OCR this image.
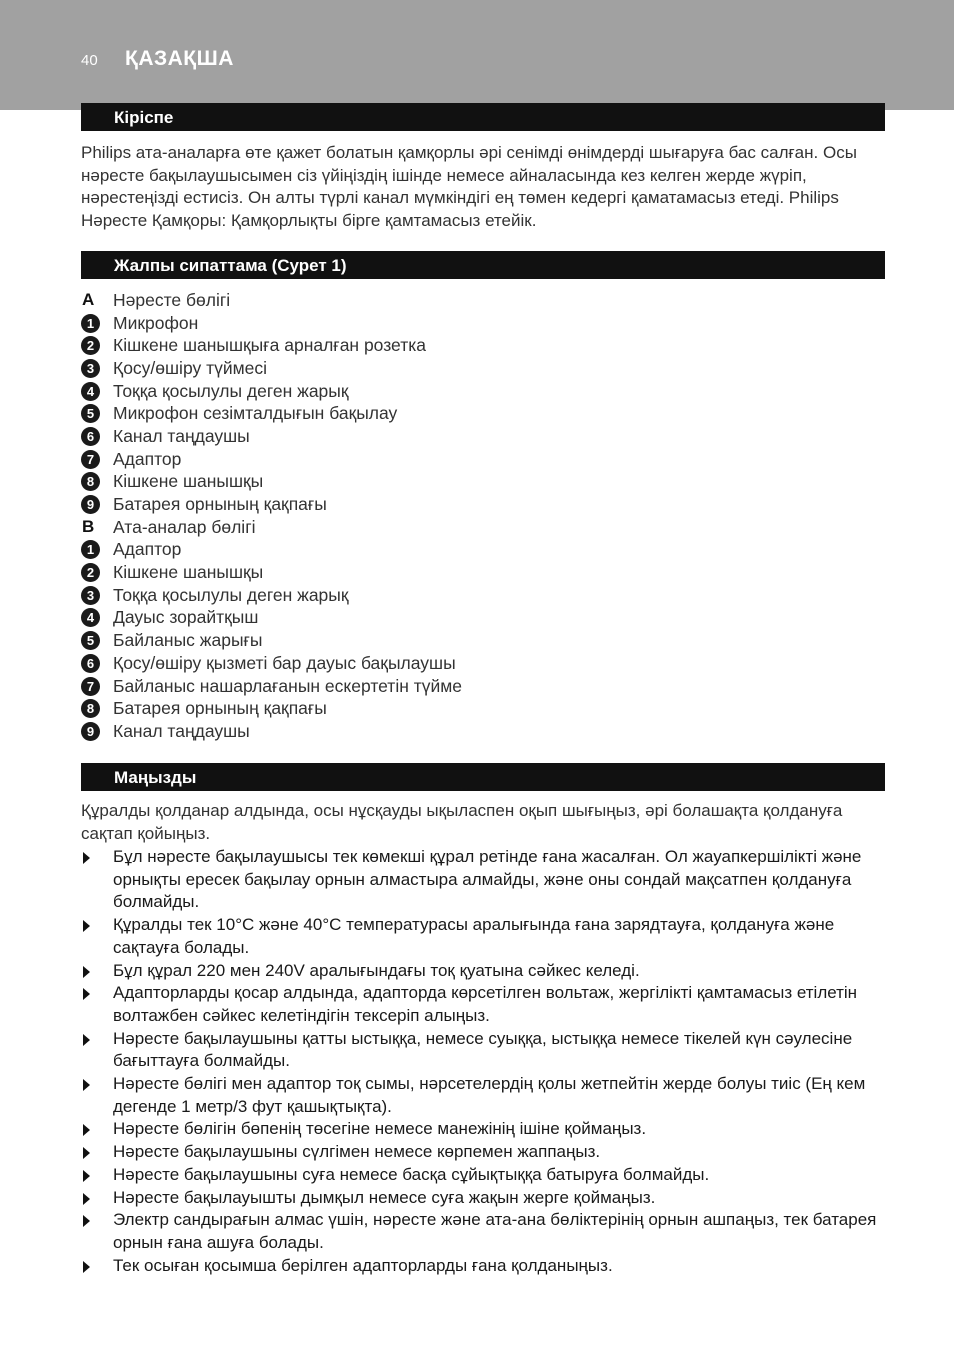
40 ҚАЗАҚША
Кіріспе
Philips ата-аналарға өте қажет болатын қамқорлы әрі сенімді өнімдерді шығаруға бас салған. Осы нәресте бақылаушысымен сіз үйіңіздің ішінде немесе айналасында кез келген жерде жүріп, нәрестеңізді естисіз. Он алты түрлі канал мүмкіндігі ең төмен кедергі қаматамасыз етеді. Philips Нәресте Қамқоры: Қамқорлықты бірге қамтамасыз етейік.
Жалпы сипаттама (Сурет 1)
A Нәресте бөлігі
1	Микрофон
2	Кішкене шанышқыға арналған розетка
3	Қосу/өшіру түймесі
4	Тоққа қосылулы деген жарық
5	Микрофон сезімталдығын бақылау
6	Канал таңдаушы
7	Адаптор
8	Кішкене шанышқы
9	Батарея орнының қақпағы
B Ата-аналар бөлігі
1	Адаптор
2	Кішкене шанышқы
3	Тоққа қосылулы деген жарық
4	Дауыс зорайтқыш
5	Байланыс жарығы
6	Қосу/өшіру қызметі бар дауыс бақылаушы
7	Байланыс нашарлағанын ескертетін түйме
8	Батарея орнының қақпағы
9	Канал таңдаушы
Маңызды
Құралды қолданар алдында, осы нұсқауды ықыласпен оқып шығыңыз, әрі болашақта қолдануға сақтап қойыңыз.
Бұл нәресте бақылаушысы тек көмекші құрал ретінде ғана жасалған. Ол жауапкершілікті және орнықты ересек бақылау орнын алмастыра алмайды, және оны сондай мақсатпен қолдануға болмайды.
Құралды тек 10°C және 40°C температурасы аралығында ғана зарядтауға, қолдануға және сақтауға болады.
Бұл құрал 220 мен 240V аралығындағы тоқ қуатына сәйкес келеді.
Адапторларды қосар алдында, адапторда көрсетілген вольтаж, жергілікті қамтамасыз етілетін волтажбен сәйкес келетіндігін тексеріп алыңыз.
Нәресте бақылаушыны қатты ыстыққа, немесе суыққа, ыстыққа немесе тікелей күн сәулесіне бағыттауға болмайды.
Нәресте бөлігі мен адаптор тоқ сымы, нәрсетелердің қолы жетпейтін жерде болуы тиіс (Ең кем дегенде 1 метр/3 фут қашықтықта).
Нәресте бөлігін бөпенің төсегіне немесе манежінің ішіне қоймаңыз.
Нәресте бақылаушыны сүлгімен немесе көрпемен жаппаңыз.
Нәресте бақылаушыны суға немесе басқа сұйықтыққа батыруға болмайды.
Нәресте бақылауышты дымқыл немесе суға жақын жерге қоймаңыз.
Электр сандырағын алмас үшін, нәресте және ата-ана бөліктерінің орнын ашпаңыз, тек батарея орнын ғана ашуға болады.
Тек осыған қосымша берілген адапторларды ғана қолданыңыз.
